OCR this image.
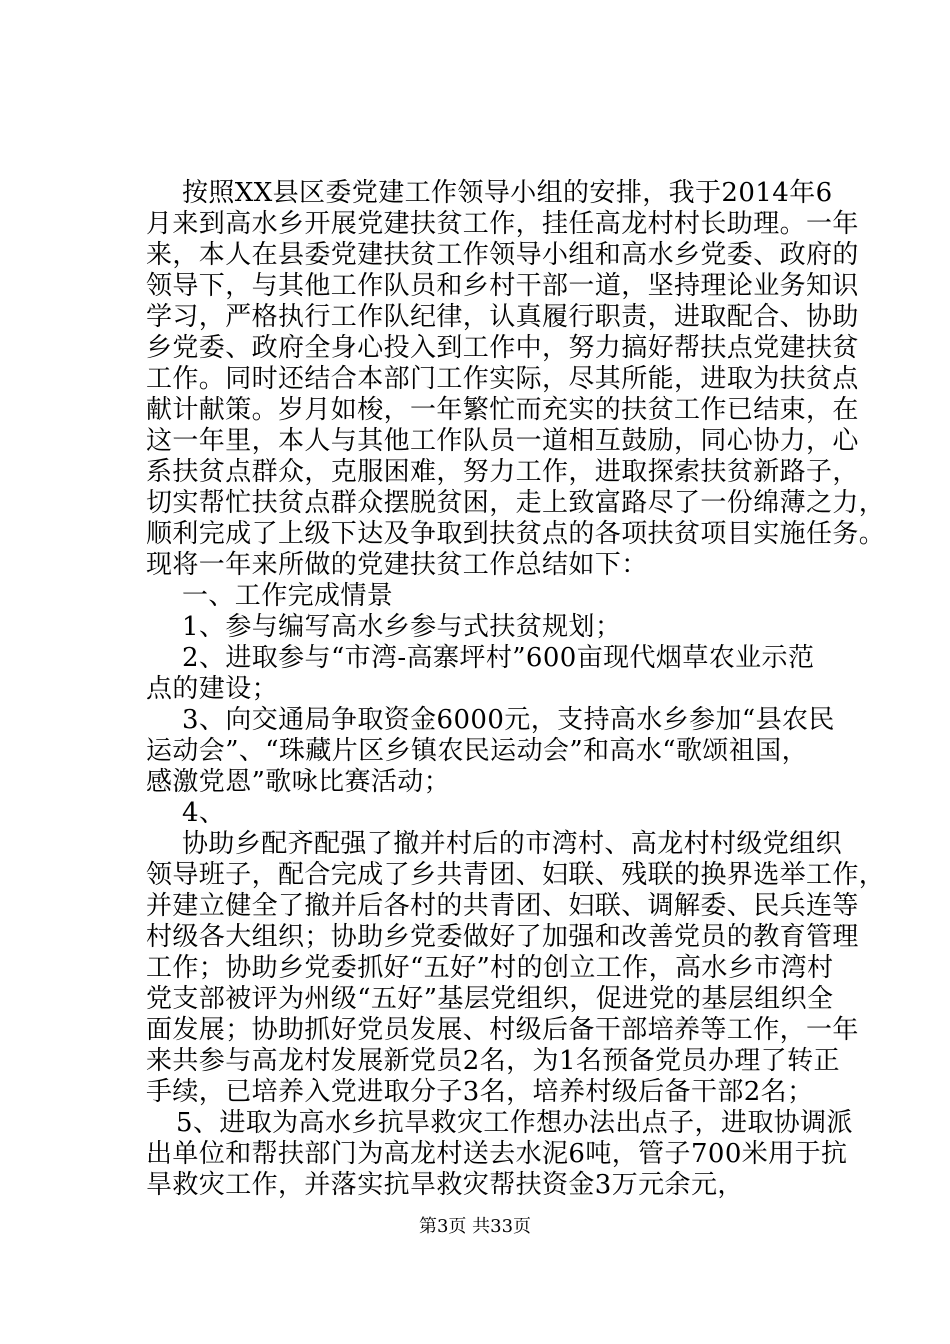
按照XX县区委党建工作领导小组的安排，我于2014年6
月来到高水乡开展党建扶贫工作，挂任高龙村村长助理。一年
来，本人在县委党建扶贫工作领导小组和高水乡党委、政府的
领导下，与其他工作队员和乡村干部一道，坚持理论业务知识
学习，严格执行工作队纪律，认真履行职责，进取配合、协助
乡党委、政府全身心投入到工作中，努力搞好帮扶点党建扶贫
工作。同时还结合本部门工作实际，尽其所能，进取为扶贫点
献计献策。岁月如梭，一年繁忙而充实的扶贫工作已结束，在
这一年里，本人与其他工作队员一道相互鼓励，同心协力，心
系扶贫点群众，克服困难，努力工作，进取探索扶贫新路子，
切实帮忙扶贫点群众摆脱贫困，走上致富路尽了一份绵薄之力，
顺利完成了上级下达及争取到扶贫点的各项扶贫项目实施任务。
现将一年来所做的党建扶贫工作总结如下：
一、工作完成情景
1、参与编写高水乡参与式扶贫规划；
2、进取参与“市湾-高寨坪村”600亩现代烟草农业示范
点的建设；
3、向交通局争取资金6000元，支持高水乡参加“县农民
运动会”、“珠藏片区乡镇农民运动会”和高水“歌颂祖国，
感激党恩”歌咏比赛活动；
4、
协助乡配齐配强了撤并村后的市湾村、高龙村村级党组织
领导班子，配合完成了乡共青团、妇联、残联的换界选举工作，
并建立健全了撤并后各村的共青团、妇联、调解委、民兵连等
村级各大组织；协助乡党委做好了加强和改善党员的教育管理
工作；协助乡党委抓好“五好”村的创立工作，高水乡市湾村
党支部被评为州级“五好”基层党组织，促进党的基层组织全
面发展；协助抓好党员发展、村级后备干部培养等工作，一年
来共参与高龙村发展新党员2名，为1名预备党员办理了转正
手续，已培养入党进取分子3名，培养村级后备干部2名；
5、进取为高水乡抗旱救灾工作想办法出点子，进取协调派
出单位和帮扶部门为高龙村送去水泥6吨，管子700米用于抗
旱救灾工作，并落实抗旱救灾帮扶资金3万元余元，
第3页 共33页
